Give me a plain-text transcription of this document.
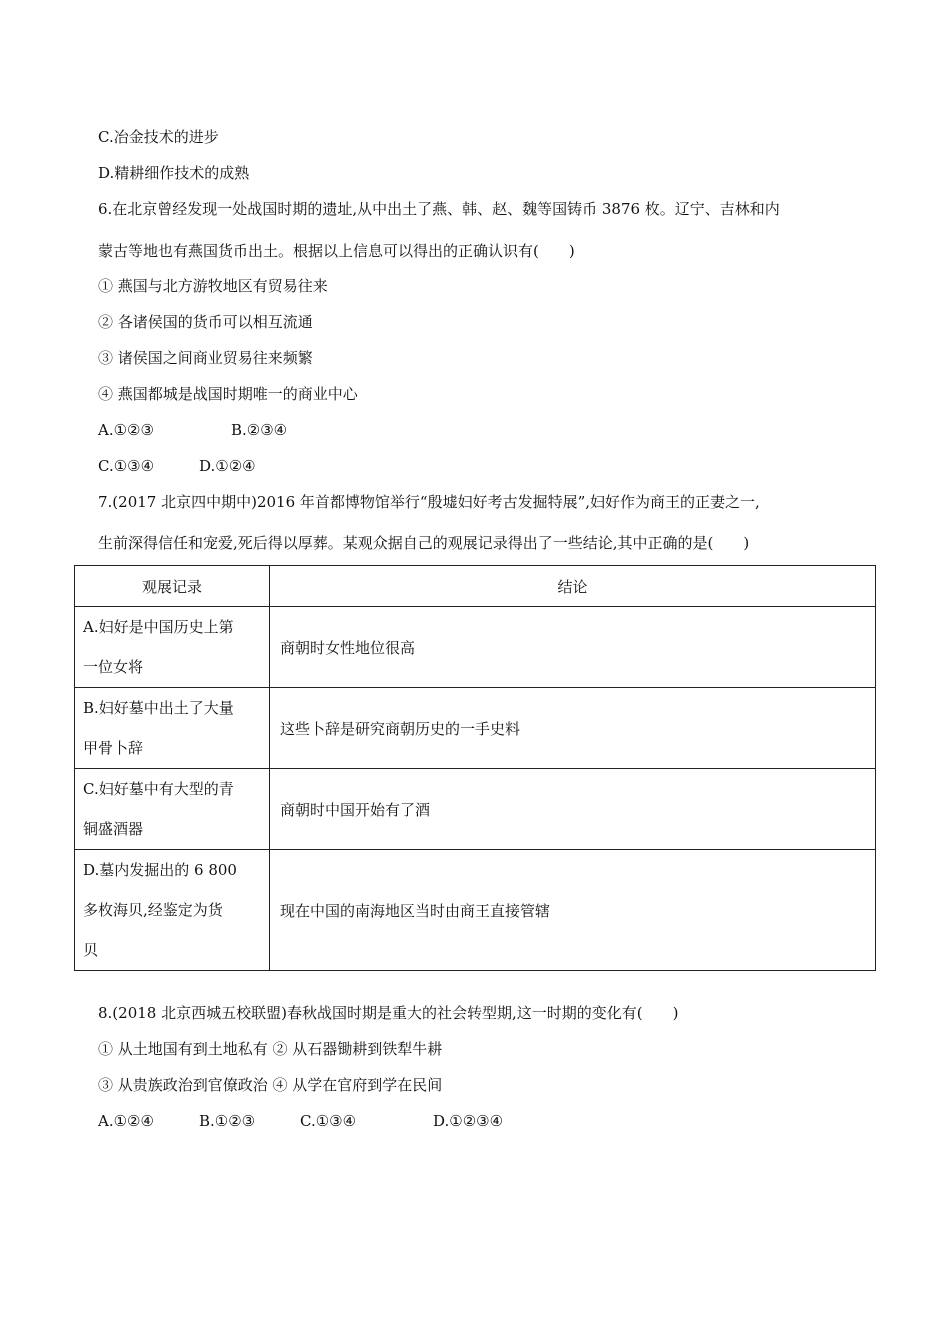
C.冶金技术的进步
D.精耕细作技术的成熟
6.在北京曾经发现一处战国时期的遗址,从中出土了燕、韩、赵、魏等国铸币 3876 枚。辽宁、吉林和内
蒙古等地也有燕国货币出土。根据以上信息可以得出的正确认识有(　　)
① 燕国与北方游牧地区有贸易往来
② 各诸侯国的货币可以相互流通
③ 诸侯国之间商业贸易往来频繁
④ 燕国都城是战国时期唯一的商业中心
A.①②③	B.②③④
C.①③④	D.①②④
7.(2017 北京四中期中)2016 年首都博物馆举行“殷墟妇好考古发掘特展”,妇好作为商王的正妻之一,
生前深得信任和宠爱,死后得以厚葬。某观众据自己的观展记录得出了一些结论,其中正确的是(　　)
观展记录	结论

A.妇好是中国历史上第
一位女将	商朝时女性地位很高

B.妇好墓中出土了大量
甲骨卜辞	这些卜辞是研究商朝历史的一手史料

C.妇好墓中有大型的青
铜盛酒器	商朝时中国开始有了酒

D.墓内发掘出的 6 800
多枚海贝,经鉴定为货
贝	现在中国的南海地区当时由商王直接管辖
8.(2018 北京西城五校联盟)春秋战国时期是重大的社会转型期,这一时期的变化有(　　)
① 从土地国有到土地私有 ② 从石器锄耕到铁犁牛耕
③ 从贵族政治到官僚政治 ④ 从学在官府到学在民间
A.①②④	B.①②③	C.①③④	D.①②③④
